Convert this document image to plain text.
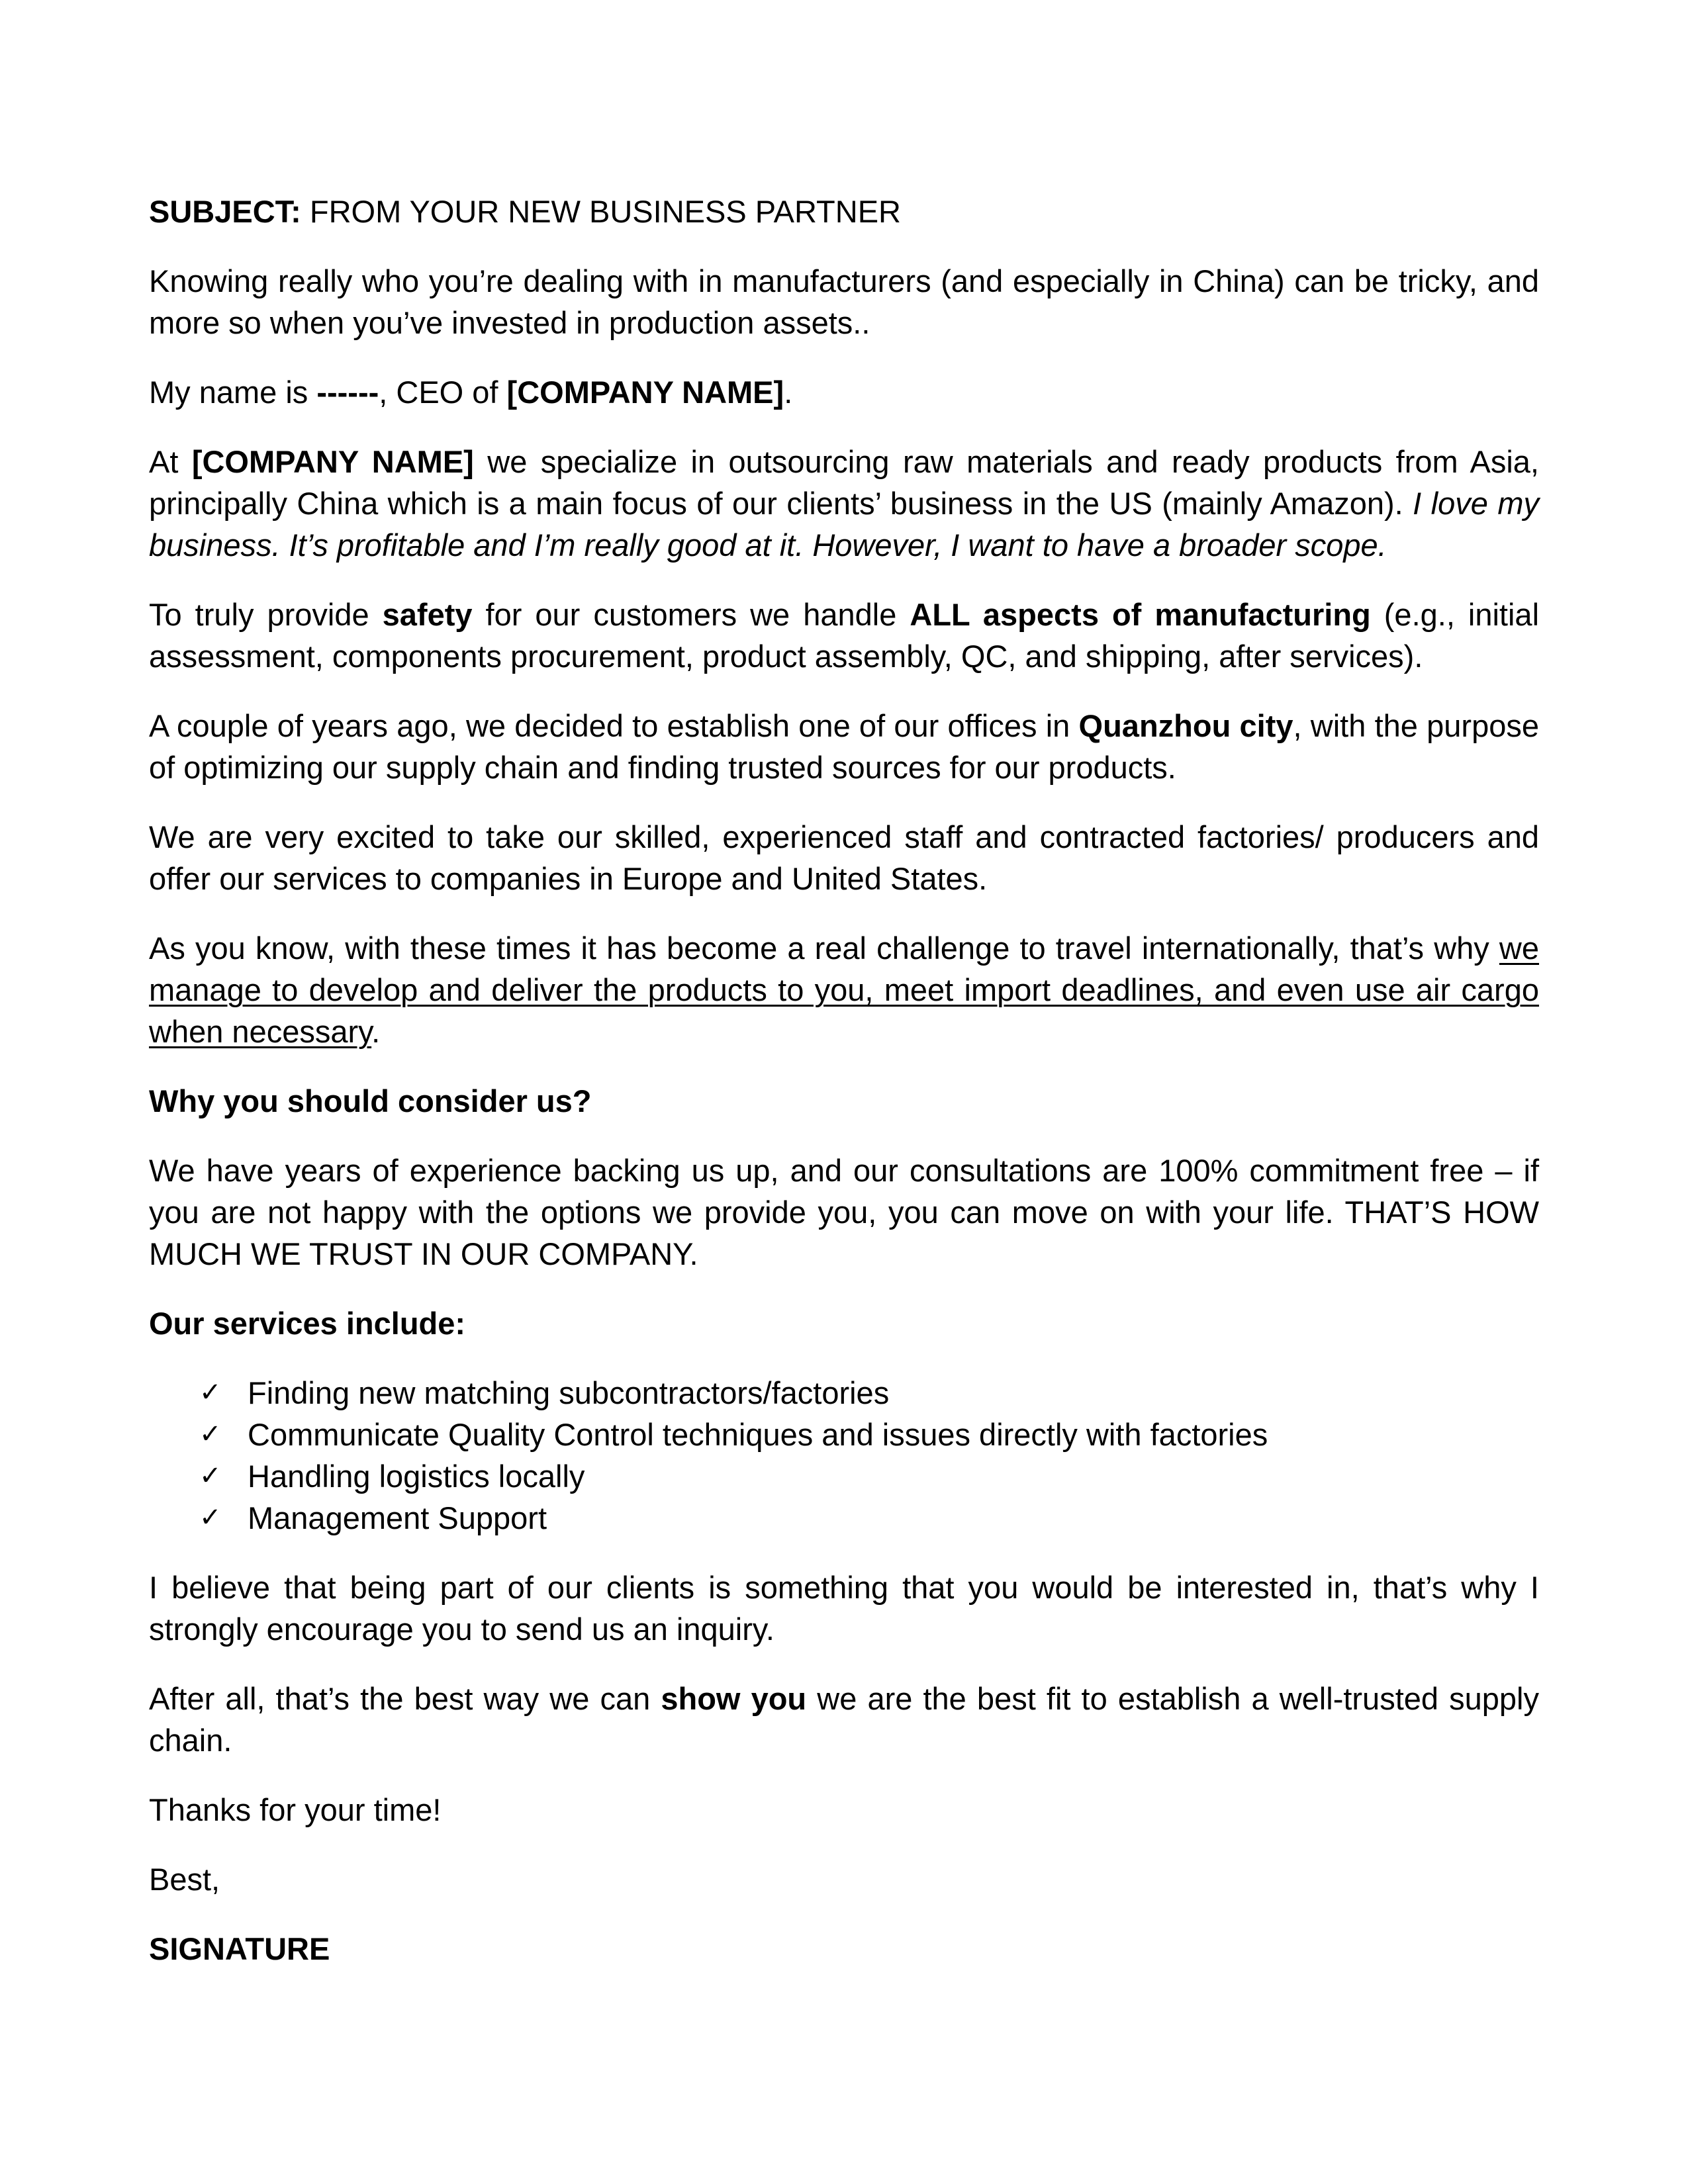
SUBJECT: FROM YOUR NEW BUSINESS PARTNER

Knowing really who you’re dealing with in manufacturers (and especially in China) can be tricky, and more so when you’ve invested in production assets..

My name is ------, CEO of [COMPANY NAME].

At [COMPANY NAME] we specialize in outsourcing raw materials and ready products from Asia, principally China which is a main focus of our clients’ business in the US (mainly Amazon). I love my business. It’s profitable and I’m really good at it. However, I want to have a broader scope.

To truly provide safety for our customers we handle ALL aspects of manufacturing (e.g., initial assessment, components procurement, product assembly, QC, and shipping, after services).

A couple of years ago, we decided to establish one of our offices in Quanzhou city, with the purpose of optimizing our supply chain and finding trusted sources for our products.

We are very excited to take our skilled, experienced staff and contracted factories/ producers and offer our services to companies in Europe and United States.

As you know, with these times it has become a real challenge to travel internationally, that’s why we manage to develop and deliver the products to you, meet import deadlines, and even use air cargo when necessary.

Why you should consider us?

We have years of experience backing us up, and our consultations are 100% commitment free – if you are not happy with the options we provide you, you can move on with your life. THAT’S HOW MUCH WE TRUST IN OUR COMPANY.

Our services include:

✓ Finding new matching subcontractors/factories
✓ Communicate Quality Control techniques and issues directly with factories
✓ Handling logistics locally
✓ Management Support

I believe that being part of our clients is something that you would be interested in, that’s why I strongly encourage you to send us an inquiry.

After all, that’s the best way we can show you we are the best fit to establish a well-trusted supply chain.

Thanks for your time!

Best,

SIGNATURE
